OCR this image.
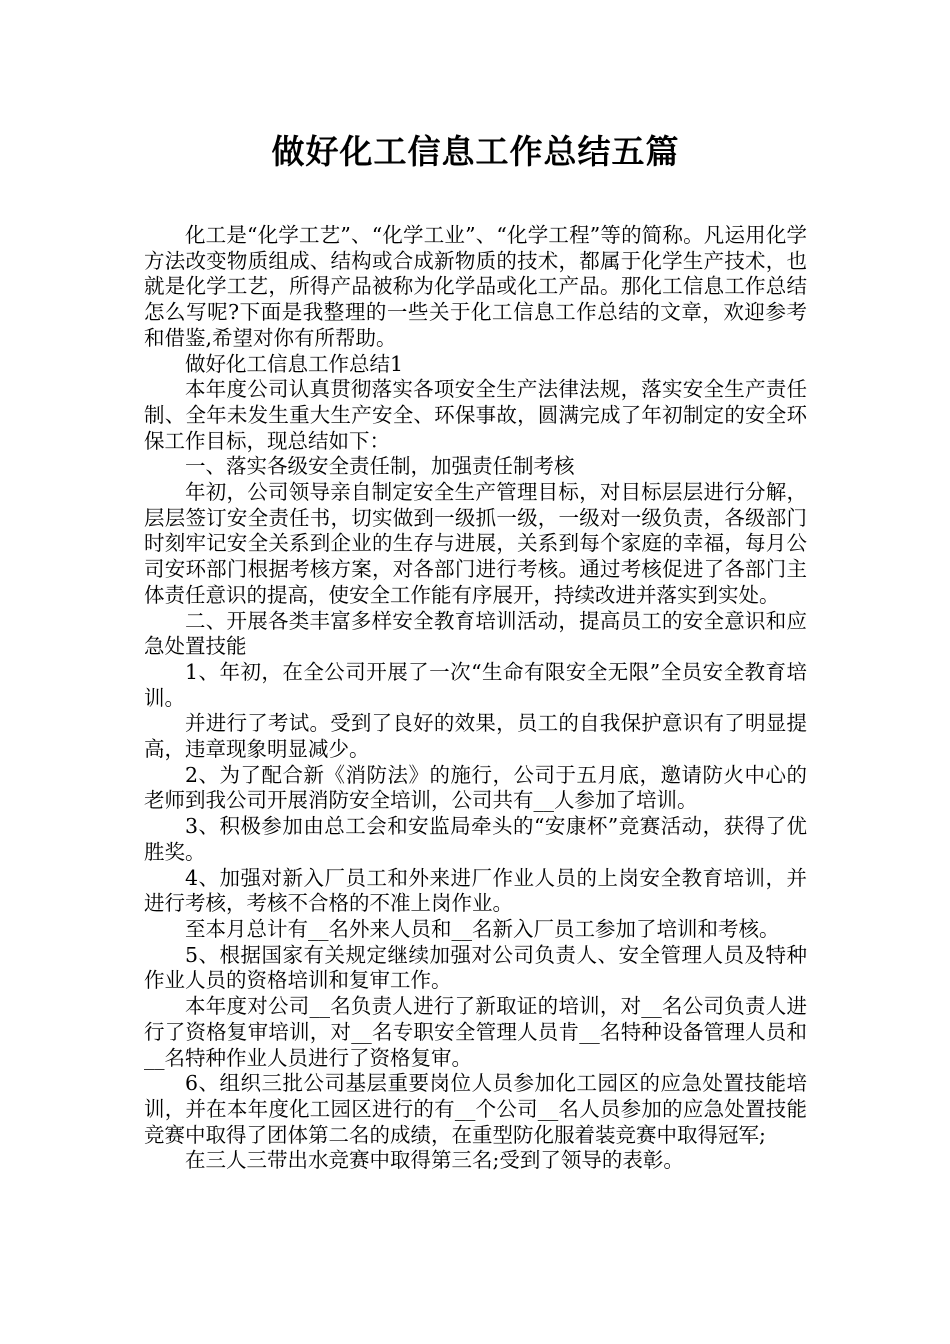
做好化工信息工作总结五篇

化工是“化学工艺”、“化学工业”、“化学工程”等的简称。凡运用化学方法改变物质组成、结构或合成新物质的技术，都属于化学生产技术，也就是化学工艺，所得产品被称为化学品或化工产品。那化工信息工作总结怎么写呢?下面是我整理的一些关于化工信息工作总结的文章，欢迎参考和借鉴,希望对你有所帮助。

做好化工信息工作总结1

本年度公司认真贯彻落实各项安全生产法律法规，落实安全生产责任制、全年未发生重大生产安全、环保事故，圆满完成了年初制定的安全环保工作目标，现总结如下：

一、落实各级安全责任制，加强责任制考核

年初，公司领导亲自制定安全生产管理目标，对目标层层进行分解，层层签订安全责任书，切实做到一级抓一级，一级对一级负责，各级部门时刻牢记安全关系到企业的生存与进展，关系到每个家庭的幸福，每月公司安环部门根据考核方案，对各部门进行考核。通过考核促进了各部门主体责任意识的提高，使安全工作能有序展开，持续改进并落实到实处。

二、开展各类丰富多样安全教育培训活动，提高员工的安全意识和应急处置技能

1、年初，在全公司开展了一次“生命有限安全无限”全员安全教育培训。

并进行了考试。受到了良好的效果，员工的自我保护意识有了明显提高，违章现象明显减少。

2、为了配合新《消防法》的施行，公司于五月底，邀请防火中心的老师到我公司开展消防安全培训，公司共有__人参加了培训。

3、积极参加由总工会和安监局牵头的“安康杯”竞赛活动，获得了优胜奖。

4、加强对新入厂员工和外来进厂作业人员的上岗安全教育培训，并进行考核，考核不合格的不准上岗作业。

至本月总计有__名外来人员和__名新入厂员工参加了培训和考核。

5、根据国家有关规定继续加强对公司负责人、安全管理人员及特种作业人员的资格培训和复审工作。

本年度对公司__名负责人进行了新取证的培训，对__名公司负责人进行了资格复审培训，对__名专职安全管理人员肯__名特种设备管理人员和__名特种作业人员进行了资格复审。

6、组织三批公司基层重要岗位人员参加化工园区的应急处置技能培训，并在本年度化工园区进行的有__个公司__名人员参加的应急处置技能竞赛中取得了团体第二名的成绩，在重型防化服着装竞赛中取得冠军;

在三人三带出水竞赛中取得第三名;受到了领导的表彰。
